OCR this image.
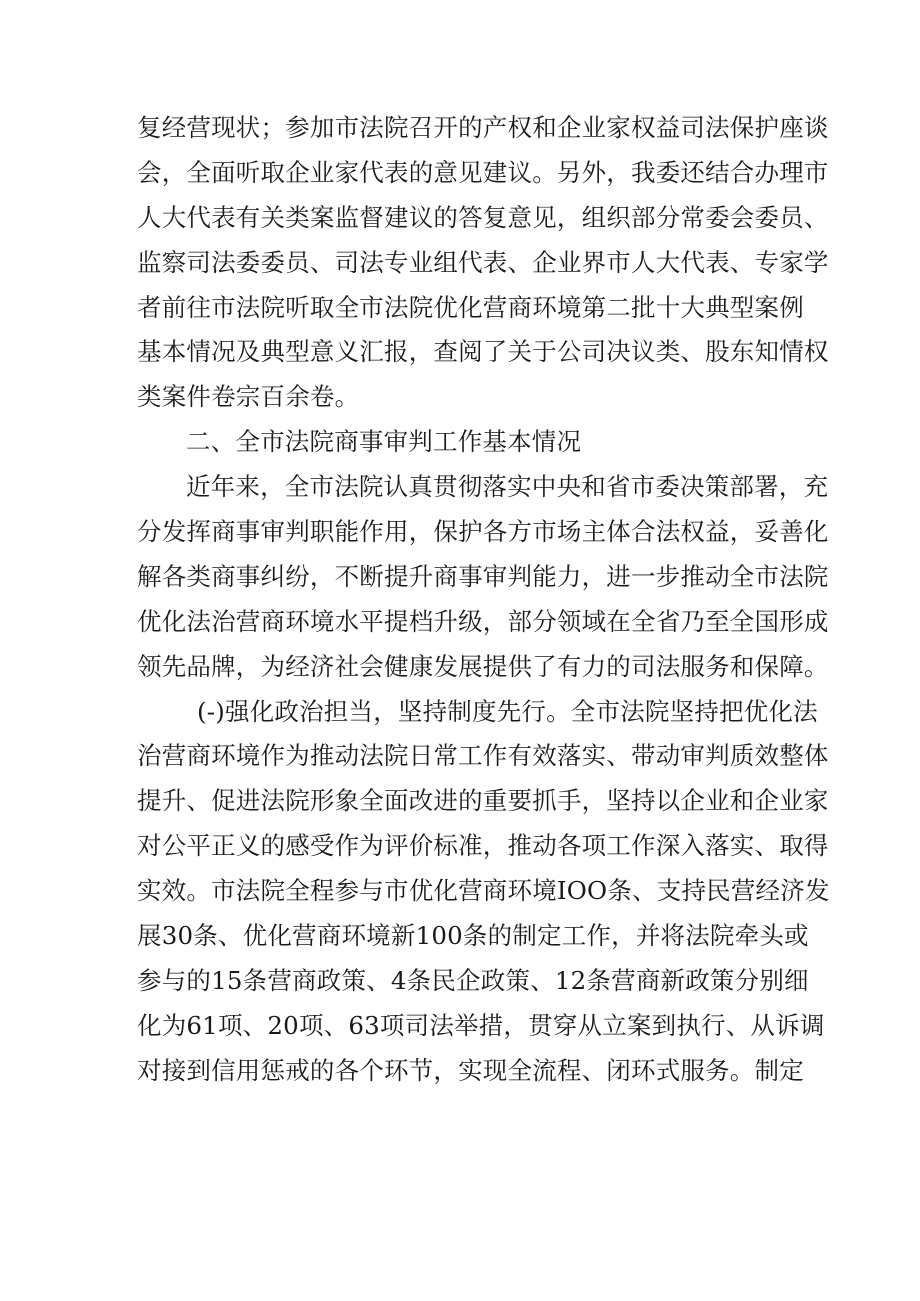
复经营现状；参加市法院召开的产权和企业家权益司法保护座谈
会，全面听取企业家代表的意见建议。另外，我委还结合办理市
人大代表有关类案监督建议的答复意见，组织部分常委会委员、
监察司法委委员、司法专业组代表、企业界市人大代表、专家学
者前往市法院听取全市法院优化营商环境第二批十大典型案例
基本情况及典型意义汇报，查阅了关于公司决议类、股东知情权
类案件卷宗百余卷。
二、全市法院商事审判工作基本情况
近年来，全市法院认真贯彻落实中央和省市委决策部署，充
分发挥商事审判职能作用，保护各方市场主体合法权益，妥善化
解各类商事纠纷，不断提升商事审判能力，进一步推动全市法院
优化法治营商环境水平提档升级，部分领域在全省乃至全国形成
领先品牌，为经济社会健康发展提供了有力的司法服务和保障。
(-)强化政治担当，坚持制度先行。全市法院坚持把优化法
治营商环境作为推动法院日常工作有效落实、带动审判质效整体
提升、促进法院形象全面改进的重要抓手，坚持以企业和企业家
对公平正义的感受作为评价标准，推动各项工作深入落实、取得
实效。市法院全程参与市优化营商环境IOO条、支持民营经济发
展30条、优化营商环境新100条的制定工作，并将法院牵头或
参与的15条营商政策、4条民企政策、12条营商新政策分别细
化为61项、20项、63项司法举措，贯穿从立案到执行、从诉调
对接到信用惩戒的各个环节，实现全流程、闭环式服务。制定
